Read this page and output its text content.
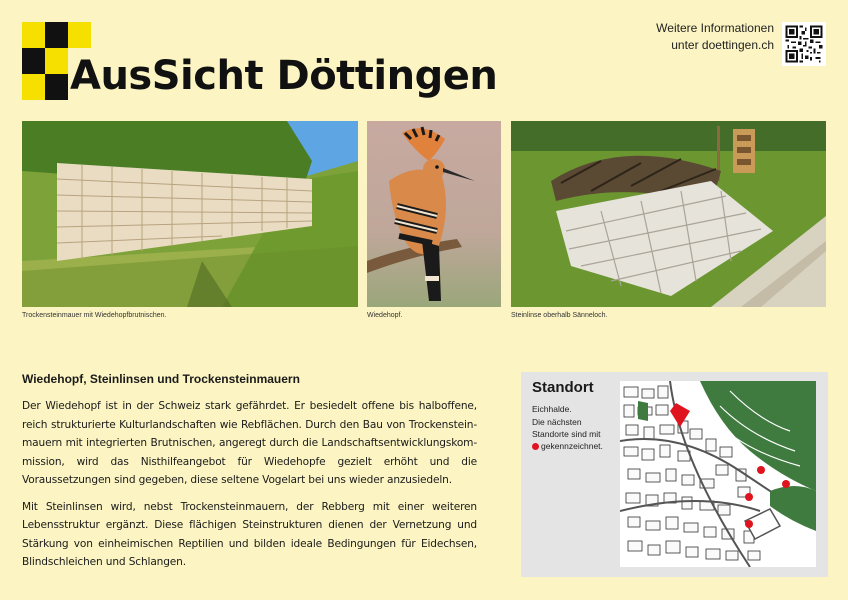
AusSicht Döttingen
Weitere Informationen
unter doettingen.ch

Trockensteinmauer mit Wiedehopfbrutnischen.	Wiedehopf.	Steinlinse oberhalb Sänneloch.

Wiedehopf, Steinlinsen und Trockensteinmauern

Der Wiedehopf ist in der Schweiz stark gefährdet. Er besiedelt offene bis halboffene, reich strukturierte Kulturlandschaften wie Rebflächen. Durch den Bau von Trockenstein-mauern mit integrierten Brutnischen, angeregt durch die Landschaftsentwicklungskom-mission, wird das Nisthilfeangebot für Wiedehopfe gezielt erhöht und die Voraussetzungen sind gegeben, diese seltene Vogelart bei uns wieder anzusiedeln.

Mit Steinlinsen wird, nebst Trockensteinmauern, der Rebberg mit einer weiteren Lebensstruktur ergänzt. Diese flächigen Steinstrukturen dienen der Vernetzung und Stärkung von einheimischen Reptilien und bilden ideale Bedingungen für Eidechsen, Blindschleichen und Schlangen.

Standort
Eichhalde.
Die nächsten
Standorte sind mit
gekennzeichnet.
